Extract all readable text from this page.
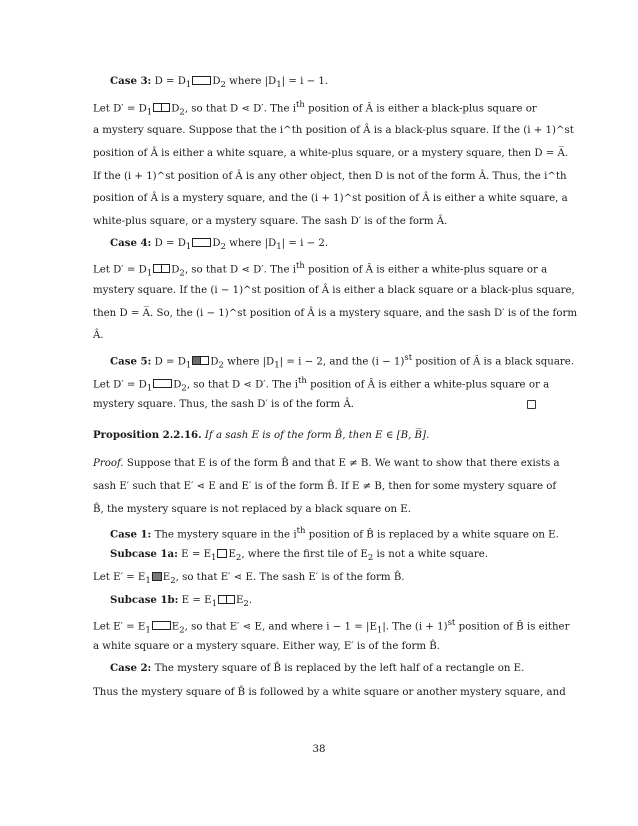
Case 3: $D = D_1$ $D_2$ where $|D_1| = i - 1$.
Let $D' = D_1$ $D_2$, so that D ⋖ D′. The $i^{th}$ position of Â is either a black-plus square or
a mystery square. Suppose that the i^th position of Â is a black-plus square. If the (i + 1)^st
position of Â is either a white square, a white-plus square, or a mystery square, then D = A̅.
If the (i + 1)^st position of Â is any other object, then D is not of the form Â. Thus, the i^th
position of Â is a mystery square, and the (i + 1)^st position of Â is either a white square, a
white-plus square, or a mystery square. The sash D′ is of the form Â.
Case 4: $D = D_1$ $D_2$ where $|D_1| = i - 2$.
Let $D' = D_1$ $D_2$, so that D ⋖ D′. The $i^{th}$ position of Â is either a white-plus square or a
mystery square. If the (i − 1)^st position of Â is either a black square or a black-plus square,
then D = A̅. So, the (i − 1)^st position of Â is a mystery square, and the sash D′ is of the form
Â.
Case 5: $D = D_1$ $D_2$ where $|D_1| = i - 2$, and the $(i - 1)^{st}$ position of Â is a black square.
Let $D' = D_1$ $D_2$, so that D ⋖ D′. The $i^{th}$ position of Â is either a white-plus square or a
mystery square. Thus, the sash D′ is of the form Â.
Proposition 2.2.16. If a sash E is of the form B̂, then E ∈ [B, B̅].
Proof. Suppose that E is of the form B̂ and that E ≠ B. We want to show that there exists a
sash E′ such that E′ ⋖ E and E′ is of the form B̂. If E ≠ B, then for some mystery square of
B̂, the mystery square is not replaced by a black square on E.
Case 1: The mystery square in the $i^{th}$ position of B̂ is replaced by a white square on E.
Subcase 1a: $E = E_1$ $E_2$, where the first tile of $E_2$ is not a white square.
Let $E' = E_1$ $E_2$, so that E′ ⋖ E. The sash E′ is of the form B̂.
Subcase 1b: $E = E_1$ $E_2$.
Let $E' = E_1$ $E_2$, so that E′ ⋖ E, and where $i - 1 = |E_1|$. The $(i + 1)^{st}$ position of B̂ is either
a white square or a mystery square. Either way, E′ is of the form B̂.
Case 2: The mystery square of B̂ is replaced by the left half of a rectangle on E.
Thus the mystery square of B̂ is followed by a white square or another mystery square, and
38
